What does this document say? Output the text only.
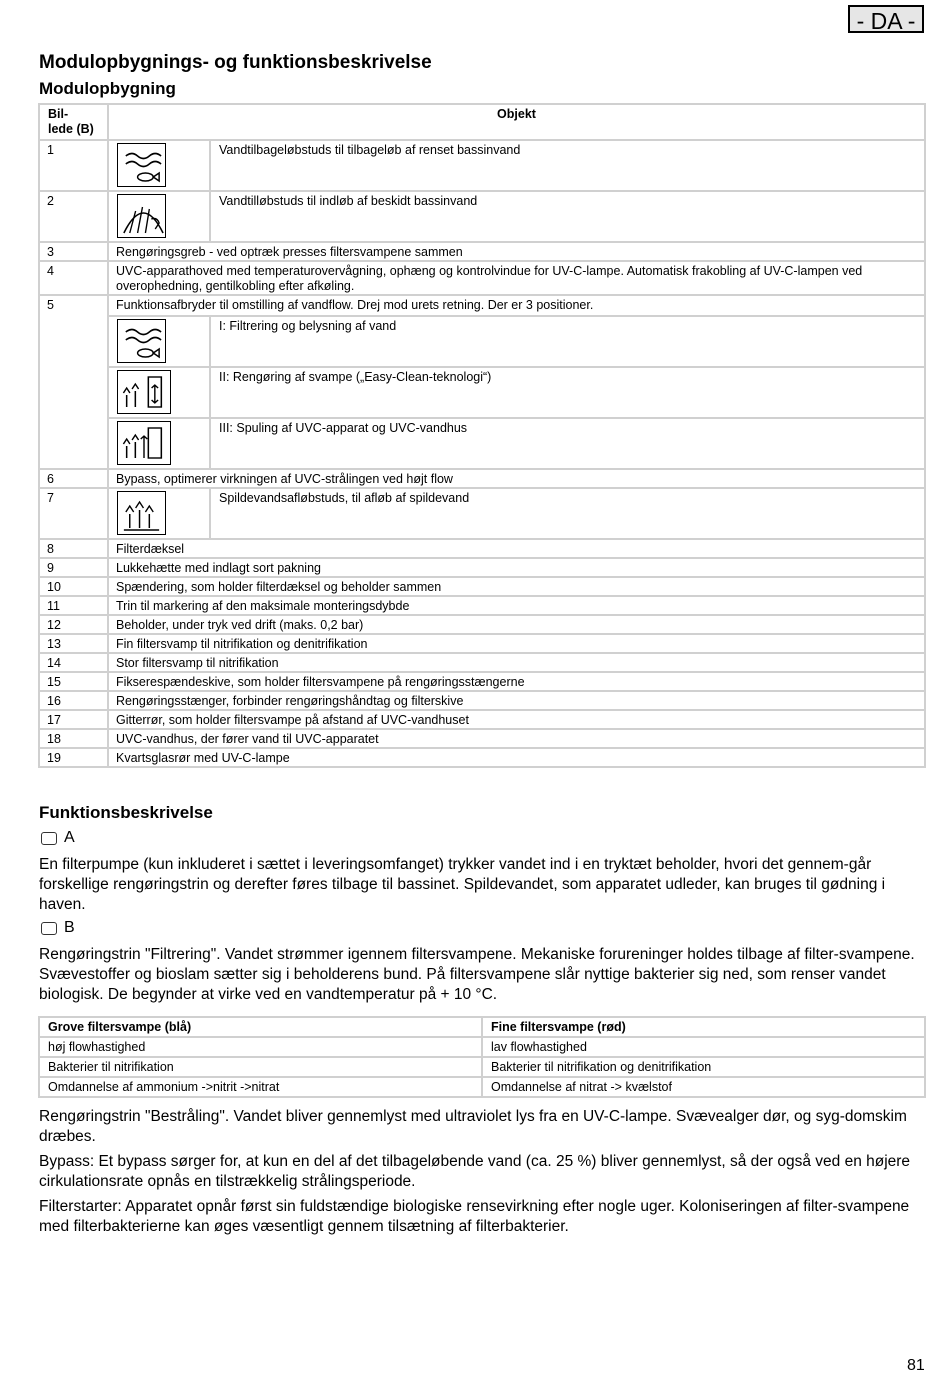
- DA -
Modulopbygnings- og funktionsbeskrivelse
Modulopbygning
Bil-
lede (B)	Objekt
1	Vandtilbageløbstuds til tilbageløb af renset bassinvand

2	Vandtilløbstuds til indløb af beskidt bassinvand

3	Rengøringsgreb - ved optræk presses filtersvampene sammen
4	UVC-apparathoved med temperaturovervågning, ophæng og kontrolvindue for UV-C-lampe. Automatisk frakobling af UV-C-lampen ved overophedning, gentilkobling efter afkøling.
5	Funktionsafbryder til omstilling af vandflow. Drej mod urets retning. Der er 3 positioner.
I: Filtrering og belysning af vand
II: Rengøring af svampe („Easy-Clean-teknologi“)
III: Spuling af UVC-apparat og UVC-vandhus

6	Bypass, optimerer virkningen af UVC-strålingen ved højt flow
7	Spildevandsafløbstuds, til afløb af spildevand

8	Filterdæksel
9	Lukkehætte med indlagt sort pakning
10	Spændering, som holder filterdæksel og beholder sammen
11	Trin til markering af den maksimale monteringsdybde
12	Beholder, under tryk ved drift (maks. 0,2 bar)
13	Fin filtersvamp til nitrifikation og denitrifikation
14	Stor filtersvamp til nitrifikation
15	Fikserespændeskive, som holder filtersvampene på rengøringsstængerne
16	Rengøringsstænger, forbinder rengøringshåndtag og filterskive
17	Gitterrør, som holder filtersvampe på afstand af UVC-vandhuset
18	UVC-vandhus, der fører vand til UVC-apparatet
19	Kvartsglasrør med UV-C-lampe
Funktionsbeskrivelse
A

En filterpumpe (kun inkluderet i sættet i leveringsomfanget) trykker vandet ind i en tryktæt beholder, hvori det gennem-går forskellige rengøringstrin og derefter føres tilbage til bassinet. Spildevandet, som apparatet udleder, kan bruges til gødning i haven.

B

Rengøringstrin "Filtrering". Vandet strømmer igennem filtersvampene. Mekaniske forureninger holdes tilbage af filter-svampene. Svævestoffer og bioslam sætter sig i beholderens bund. På filtersvampene slår nyttige bakterier sig ned, som renser vandet biologisk. De begynder at virke ved en vandtemperatur på + 10 °C.

Grove filtersvampe (blå)	Fine filtersvampe (rød)
høj flowhastighed	lav flowhastighed
Bakterier til nitrifikation	Bakterier til nitrifikation og denitrifikation
Omdannelse af ammonium ->nitrit ->nitrat	Omdannelse af nitrat -> kvælstof

Rengøringstrin "Bestråling". Vandet bliver gennemlyst med ultraviolet lys fra en UV-C-lampe. Svævealger dør, og syg-domskim dræbes.

Bypass: Et bypass sørger for, at kun en del af det tilbageløbende vand (ca. 25 %) bliver gennemlyst, så der også ved en højere cirkulationsrate opnås en tilstrækkelig strålingsperiode.

Filterstarter: Apparatet opnår først sin fuldstændige biologiske rensevirkning efter nogle uger. Koloniseringen af filter-svampene med filterbakterierne kan øges væsentligt gennem tilsætning af filterbakterier.

81
